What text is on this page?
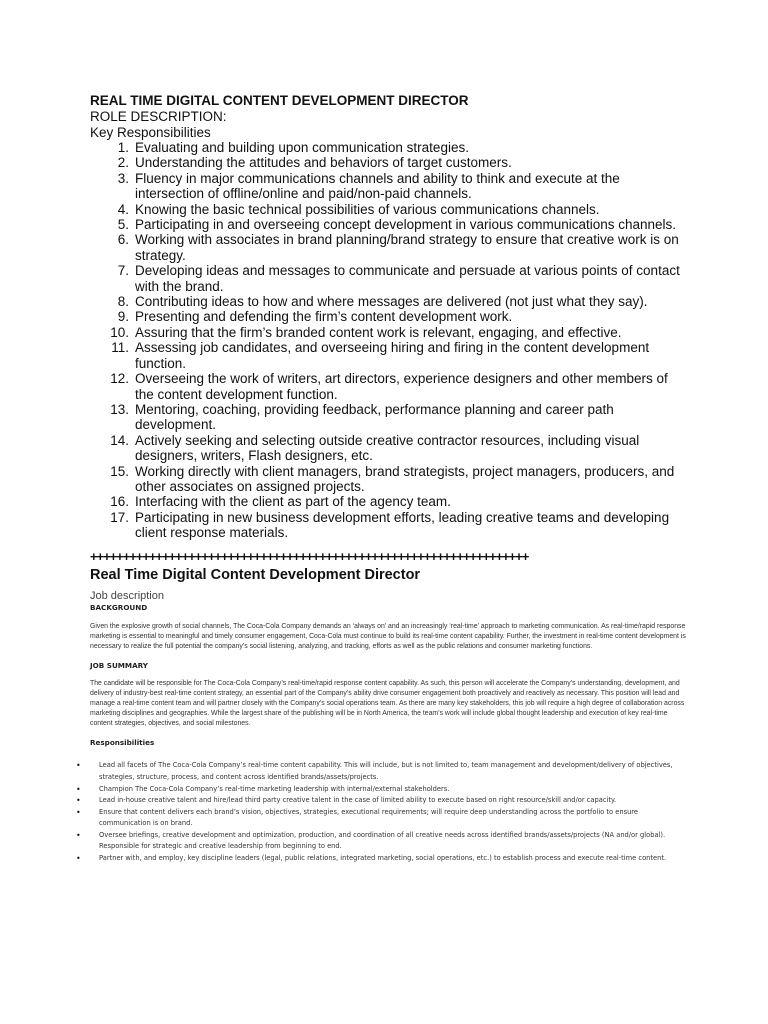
REAL TIME DIGITAL CONTENT DEVELOPMENT DIRECTOR

ROLE DESCRIPTION:

Key Responsibilities

1. Evaluating and building upon communication strategies.
2. Understanding the attitudes and behaviors of target customers.
3. Fluency in major communications channels and ability to think and execute at the intersection of offline/online and paid/non-paid channels.
4. Knowing the basic technical possibilities of various communications channels.
5. Participating in and overseeing concept development in various communications channels.
6. Working with associates in brand planning/brand strategy to ensure that creative work is on strategy.
7. Developing ideas and messages to communicate and persuade at various points of contact with the brand.
8. Contributing ideas to how and where messages are delivered (not just what they say).
9. Presenting and defending the firm’s content development work.
10. Assuring that the firm’s branded content work is relevant, engaging, and effective.
11. Assessing job candidates, and overseeing hiring and firing in the content development function.
12. Overseeing the work of writers, art directors, experience designers and other members of the content development function.
13. Mentoring, coaching, providing feedback, performance planning and career path development.
14. Actively seeking and selecting outside creative contractor resources, including visual designers, writers, Flash designers, etc.
15. Working directly with client managers, brand strategists, project managers, producers, and other associates on assigned projects.
16. Interfacing with the client as part of the agency team.
17. Participating in new business development efforts, leading creative teams and developing client response materials.
+++++++++++++++++++++++++++++++++++++++++++++++++++++++++++++++++++

Real Time Digital Content Development Director

Job description

BACKGROUND

Given the explosive growth of social channels, The Coca-Cola Company demands an ‘always on’ and an increasingly ‘real-time’ approach to marketing communication. As real-time/rapid response marketing is essential to meaningful and timely consumer engagement, Coca-Cola must continue to build its real-time content capability. Further, the investment in real-time content development is necessary to realize the full potential the company’s social listening, analyzing, and tracking, efforts as well as the public relations and consumer marketing functions.

JOB SUMMARY

The candidate will be responsible for The Coca-Cola Company’s real-time/rapid response content capability. As such, this person will accelerate the Company’s understanding, development, and delivery of industry-best real-time content strategy, an essential part of the Company’s ability drive consumer engagement both proactively and reactively as necessary. This position will lead and manage a real-time content team and will partner closely with the Company’s social operations team. As there are many key stakeholders, this job will require a high degree of collaboration across marketing disciplines and geographies. While the largest share of the publishing will be in North America, the team’s work will include global thought leadership and execution of key real-time content strategies, objectives, and social milestones.

Responsibilities

•	Lead all facets of The Coca-Cola Company’s real-time content capability. This will include, but is not limited to, team management and development/delivery of objectives, strategies, structure, process, and content across identified brands/assets/projects.
•	Champion The Coca-Cola Company’s real-time marketing leadership with internal/external stakeholders.
•	Lead in-house creative talent and hire/lead third party creative talent in the case of limited ability to execute based on right resource/skill and/or capacity.
•	Ensure that content delivers each brand’s vision, objectives, strategies, executional requirements; will require deep understanding across the portfolio to ensure communication is on brand.
•	Oversee briefings, creative development and optimization, production, and coordination of all creative needs across identified brands/assets/projects (NA and/or global). Responsible for strategic and creative leadership from beginning to end.
•	Partner with, and employ, key discipline leaders (legal, public relations, integrated marketing, social operations, etc.) to establish process and execute real-time content.
